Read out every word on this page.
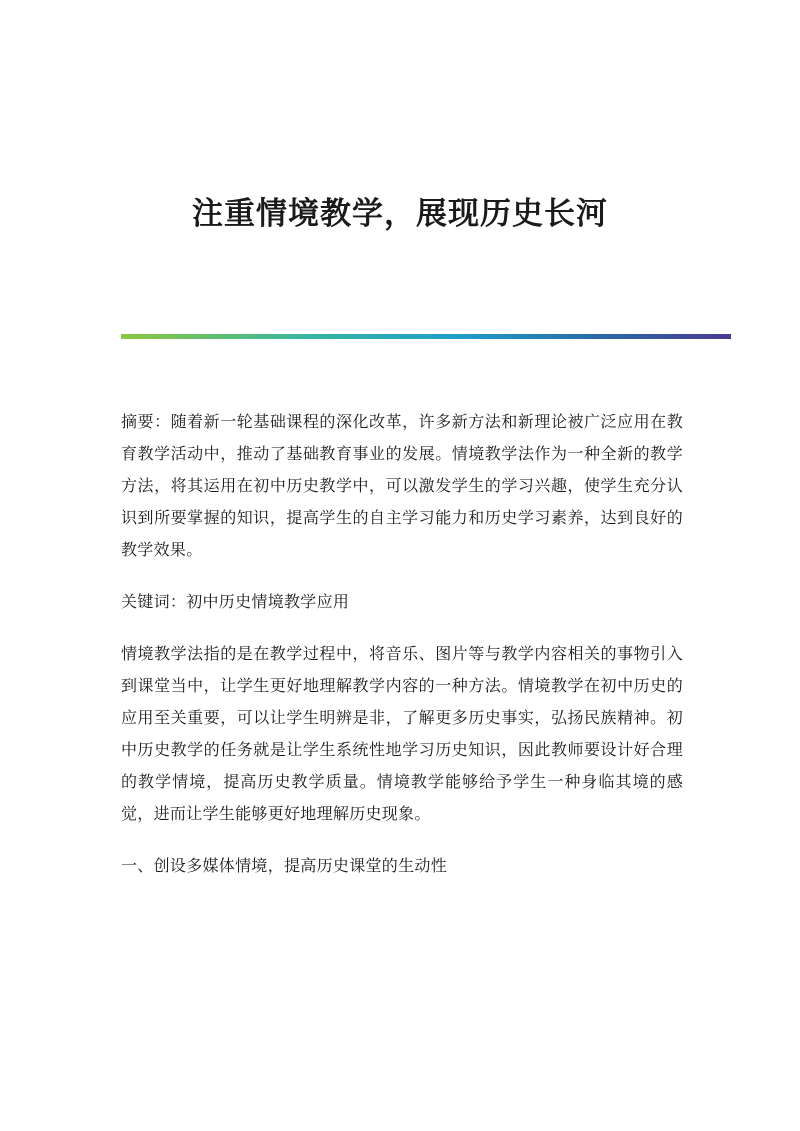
注重情境教学，展现历史长河

摘要：随着新一轮基础课程的深化改革，许多新方法和新理论被广泛应用在教育教学活动中，推动了基础教育事业的发展。情境教学法作为一种全新的教学方法，将其运用在初中历史教学中，可以激发学生的学习兴趣，使学生充分认识到所要掌握的知识，提高学生的自主学习能力和历史学习素养，达到良好的教学效果。

关键词：初中历史情境教学应用

情境教学法指的是在教学过程中，将音乐、图片等与教学内容相关的事物引入到课堂当中，让学生更好地理解教学内容的一种方法。情境教学在初中历史的应用至关重要，可以让学生明辨是非，了解更多历史事实，弘扬民族精神。初中历史教学的任务就是让学生系统性地学习历史知识，因此教师要设计好合理的教学情境，提高历史教学质量。情境教学能够给予学生一种身临其境的感觉，进而让学生能够更好地理解历史现象。

一、创设多媒体情境，提高历史课堂的生动性
